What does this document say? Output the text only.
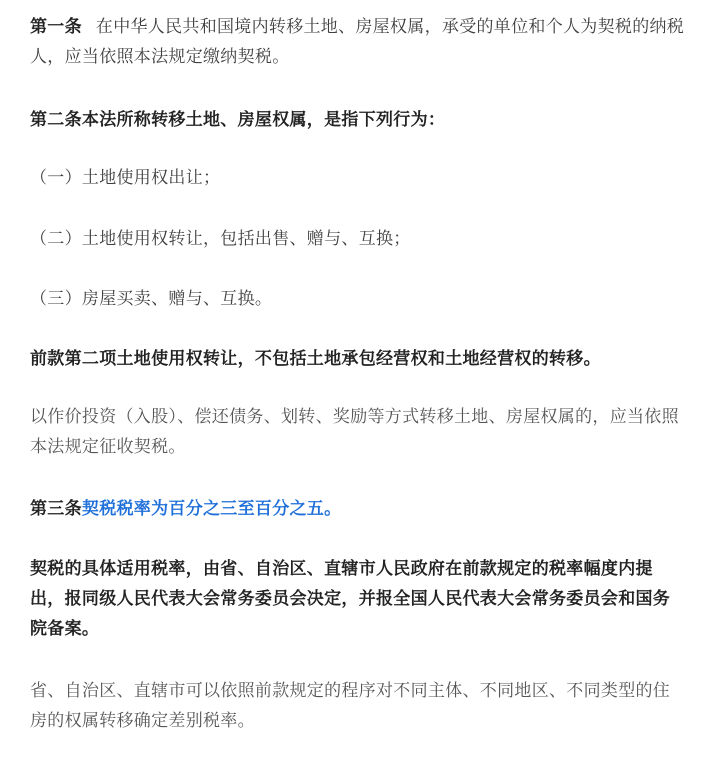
第一条 在中华人民共和国境内转移土地、房屋权属，承受的单位和个人为契税的纳税人，应当依照本法规定缴纳契税。

第二条本法所称转移土地、房屋权属，是指下列行为：

（一）土地使用权出让；

（二）土地使用权转让，包括出售、赠与、互换；

（三）房屋买卖、赠与、互换。

前款第二项土地使用权转让，不包括土地承包经营权和土地经营权的转移。

以作价投资（入股）、偿还债务、划转、奖励等方式转移土地、房屋权属的，应当依照本法规定征收契税。

第三条契税税率为百分之三至百分之五。

契税的具体适用税率，由省、自治区、直辖市人民政府在前款规定的税率幅度内提出，报同级人民代表大会常务委员会决定，并报全国人民代表大会常务委员会和国务院备案。

省、自治区、直辖市可以依照前款规定的程序对不同主体、不同地区、不同类型的住房的权属转移确定差别税率。
